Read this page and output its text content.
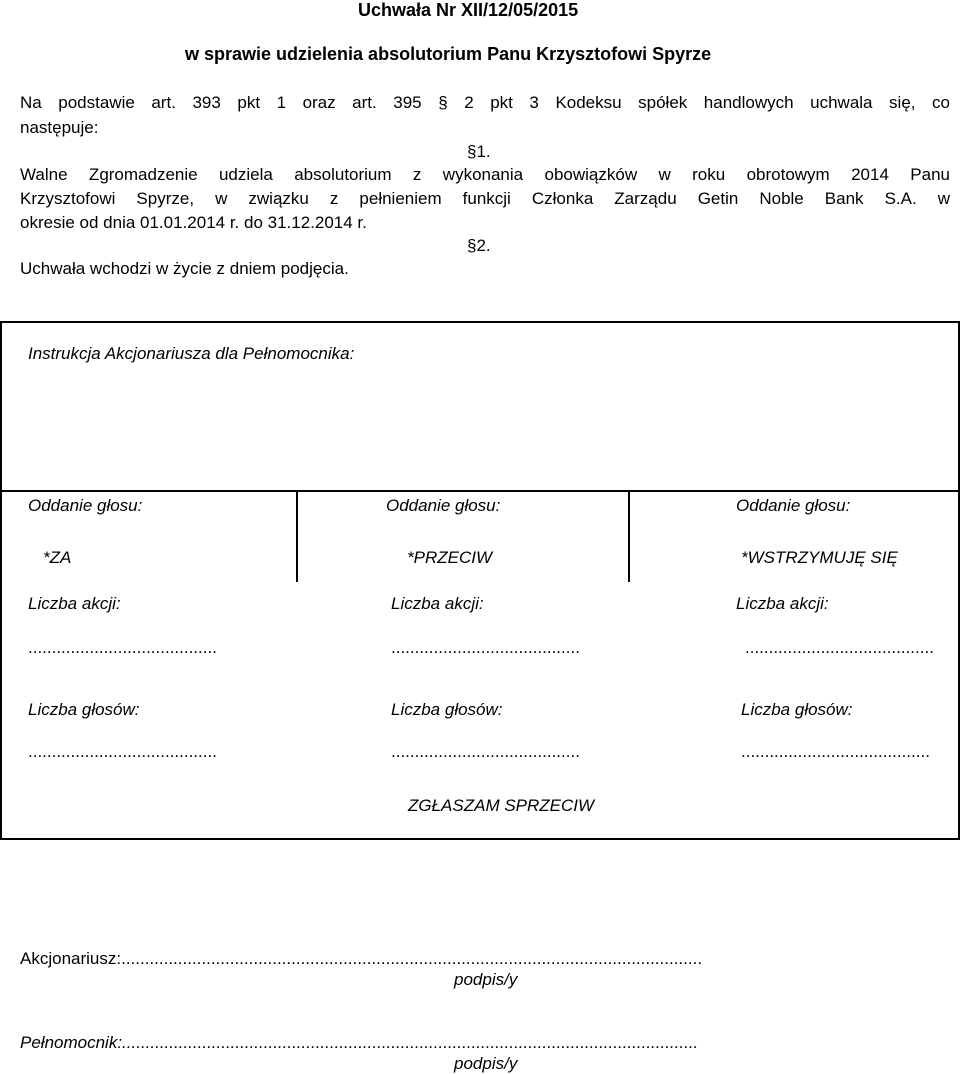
Uchwała Nr XII/12/05/2015
w sprawie udzielenia absolutorium Panu Krzysztofowi Spyrze
Na podstawie art. 393 pkt 1 oraz art. 395 § 2 pkt 3 Kodeksu spółek handlowych uchwala się, co
następuje:
§1.
Walne Zgromadzenie udziela absolutorium z wykonania obowiązków w roku obrotowym 2014 Panu
Krzysztofowi Spyrze, w związku z pełnieniem funkcji Członka Zarządu Getin Noble Bank S.A. w
okresie od dnia 01.01.2014 r. do 31.12.2014 r.
§2.
Uchwała wchodzi w życie z dniem podjęcia.
Instrukcja Akcjonariusza dla Pełnomocnika:
Oddanie głosu:
*ZA
Liczba akcji:
........................................
Liczba głosów:
........................................
Oddanie głosu:
*PRZECIW
Liczba akcji:
........................................
Liczba głosów:
........................................
Oddanie głosu:
*WSTRZYMUJĘ SIĘ
Liczba akcji:
........................................
Liczba głosów:
........................................
ZGŁASZAM SPRZECIW
Akcjonariusz:...........................................................................................................................
podpis/y
Pełnomocnik:..........................................................................................................................
podpis/y
